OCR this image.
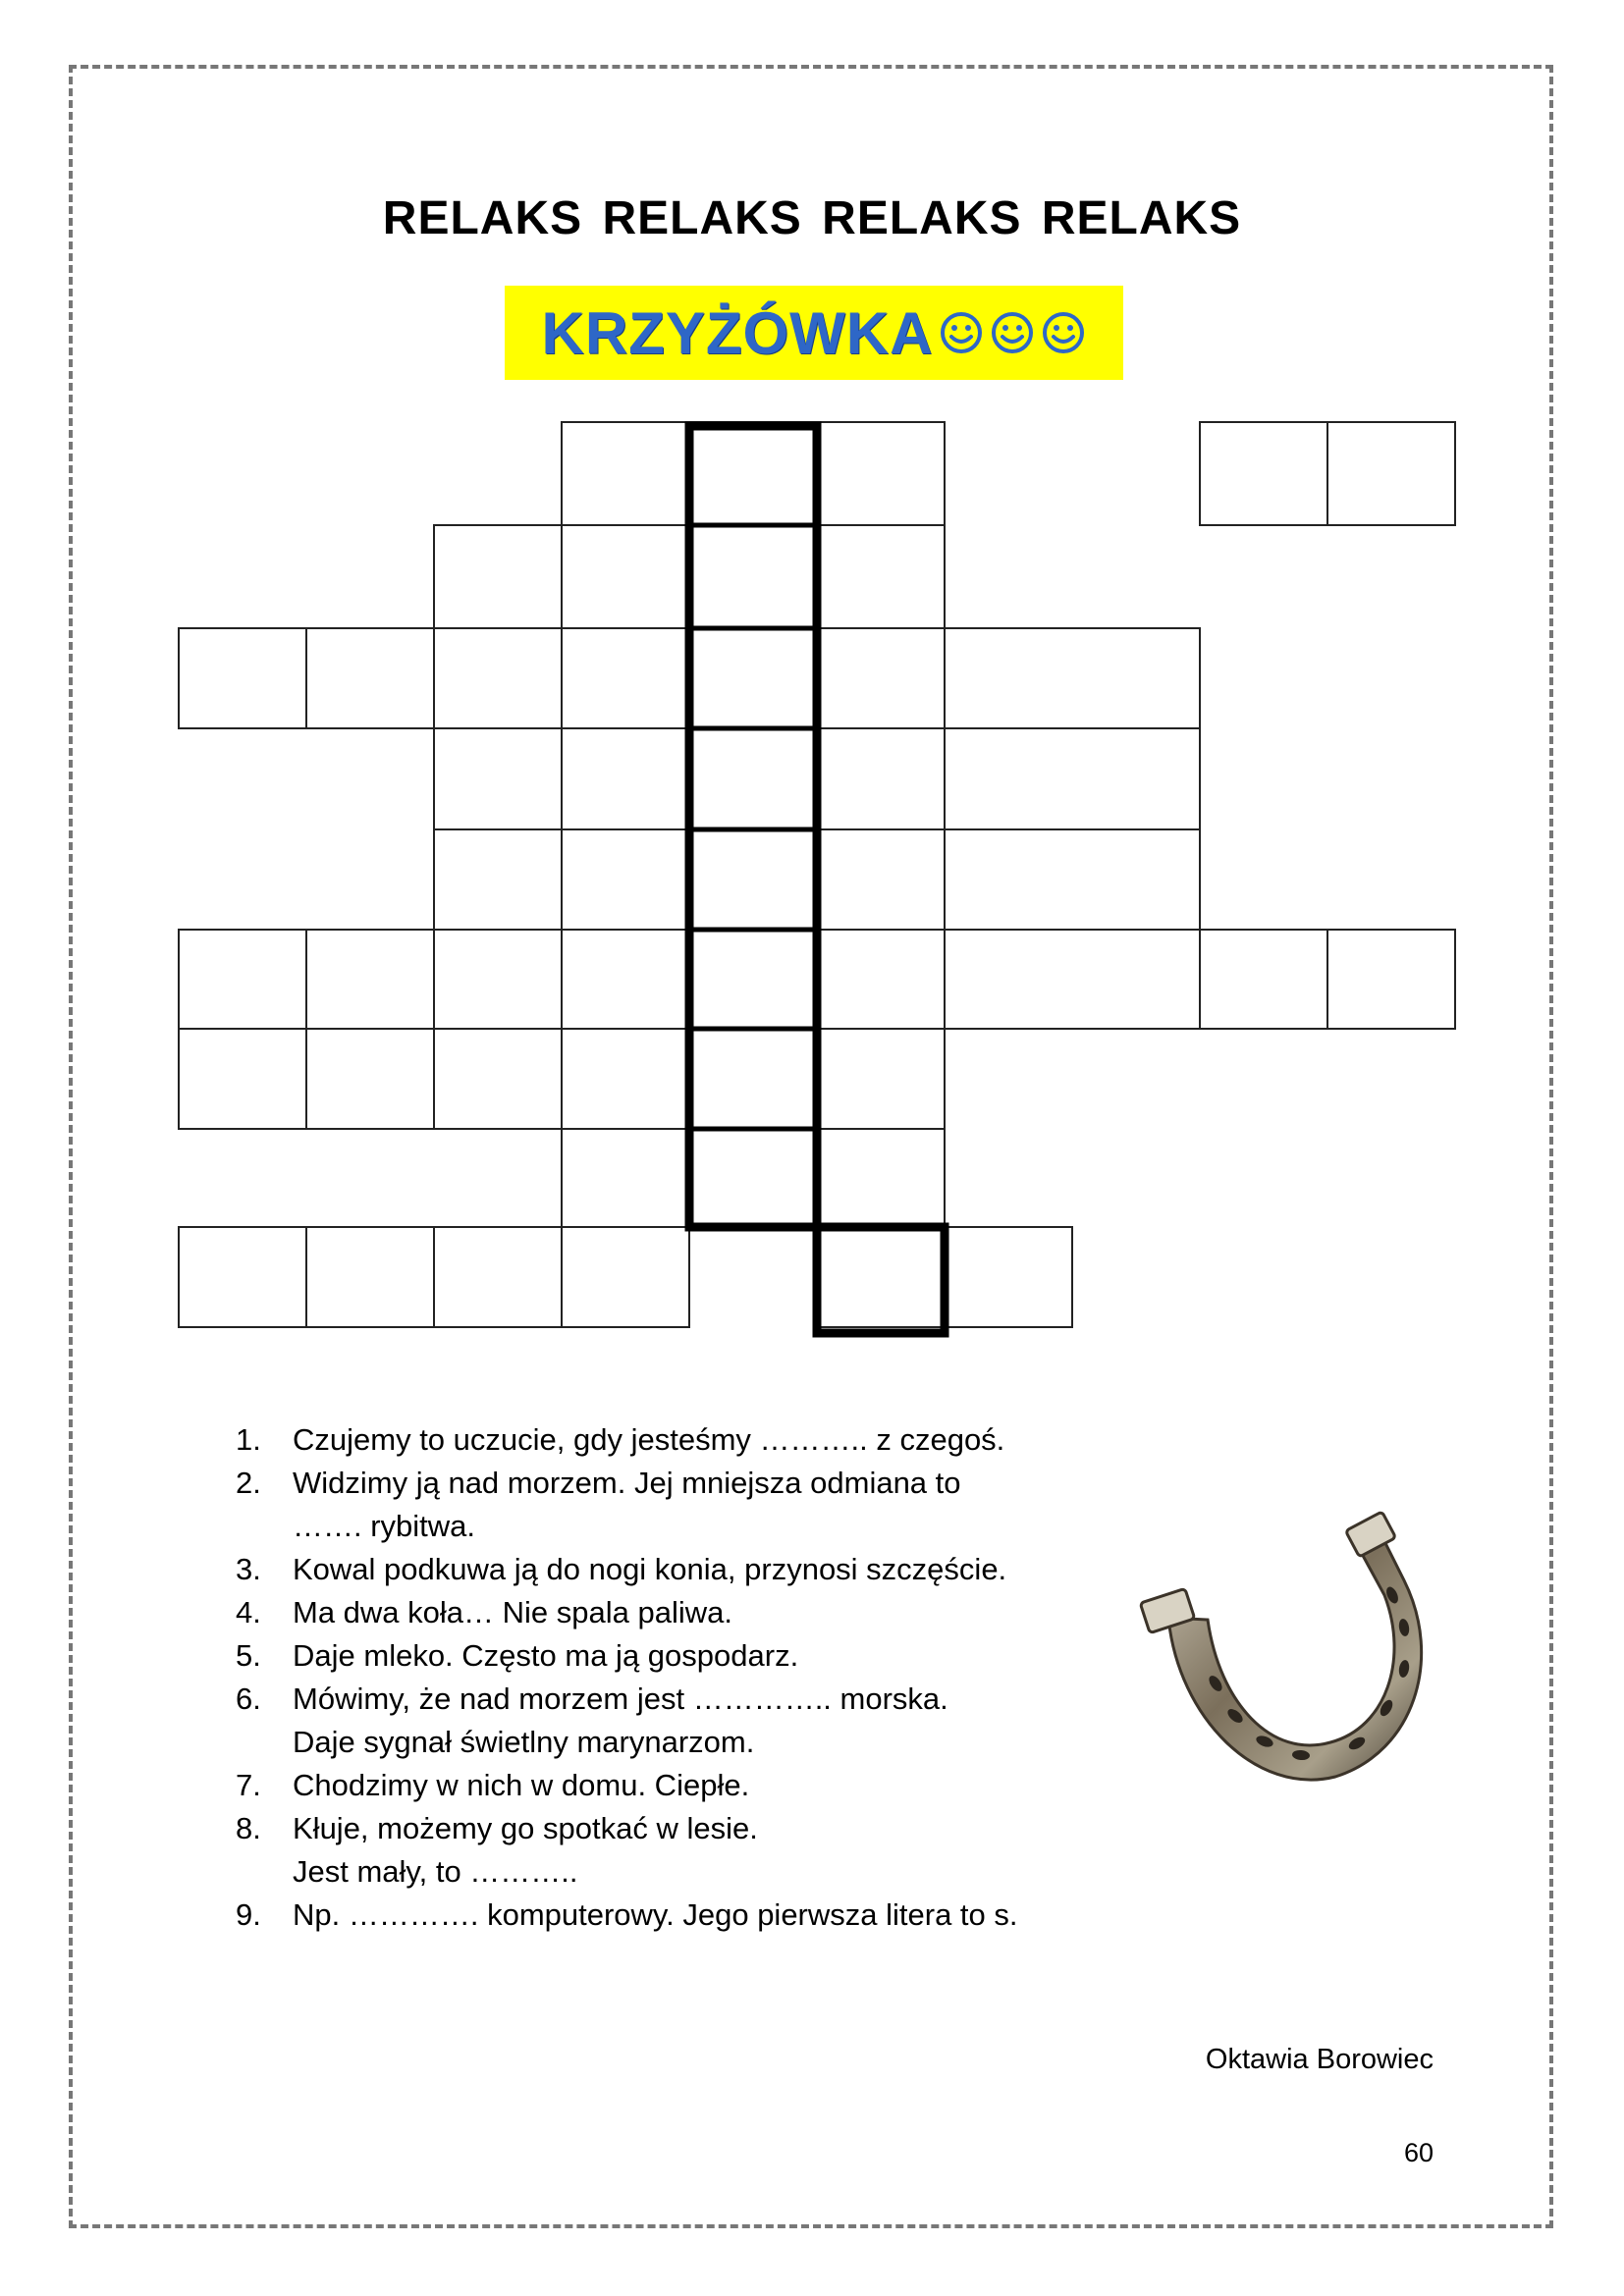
RELAKS RELAKS RELAKS RELAKS
KRZYŻÓWKA
1.	Czujemy to uczucie, gdy jesteśmy ……….. z czegoś.
2.	Widzimy ją nad morzem. Jej mniejsza odmiana to
……. rybitwa.
3.	Kowal podkuwa ją do nogi konia, przynosi szczęście.
4.	Ma dwa koła… Nie spala paliwa.
5.	Daje mleko. Często ma ją gospodarz.
6.	Mówimy, że nad morzem jest ………….. morska.
Daje sygnał świetlny marynarzom.
7.	Chodzimy w nich w domu. Ciepłe.
8.	Kłuje, możemy go spotkać w lesie.
Jest mały, to ………..
9.	Np. …………. komputerowy. Jego pierwsza litera to s.
Oktawia Borowiec
60
